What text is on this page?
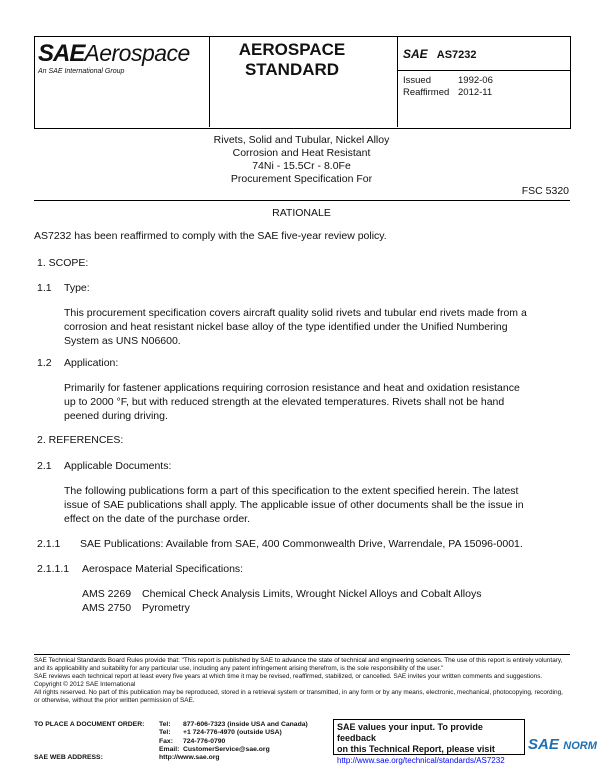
SAEAerospace
An SAE International Group
AEROSPACE
STANDARD
SAE AS7232
Issued	1992-06
Reaffirmed 2012-11
Rivets, Solid and Tubular, Nickel Alloy
Corrosion and Heat Resistant
74Ni - 15.5Cr - 8.0Fe
Procurement Specification For
FSC 5320
RATIONALE
AS7232 has been reaffirmed to comply with the SAE five-year review policy.
1. SCOPE:
1.1 Type:
This procurement specification covers aircraft quality solid rivets and tubular end rivets made from a
corrosion and heat resistant nickel base alloy of the type identified under the Unified Numbering
System as UNS N06600.
1.2 Application:
Primarily for fastener applications requiring corrosion resistance and heat and oxidation resistance
up to 2000 °F, but with reduced strength at the elevated temperatures. Rivets shall not be hand
peened during driving.
2. REFERENCES:
2.1 Applicable Documents:
The following publications form a part of this specification to the extent specified herein. The latest
issue of SAE publications shall apply. The applicable issue of other documents shall be the issue in
effect on the date of the purchase order.
2.1.1 SAE Publications: Available from SAE, 400 Commonwealth Drive, Warrendale, PA 15096-0001.
2.1.1.1 Aerospace Material Specifications:
AMS 2269 Chemical Check Analysis Limits, Wrought Nickel Alloys and Cobalt Alloys
AMS 2750 Pyrometry
SAE Technical Standards Board Rules provide that: "This report is published by SAE to advance the state of technical and engineering sciences. The use of this report is entirely voluntary, and its applicability and suitability for any particular use, including any patent infringement arising therefrom, is the sole responsibility of the user."
SAE reviews each technical report at least every five years at which time it may be revised, reaffirmed, stabilized, or cancelled. SAE invites your written comments and suggestions.
Copyright © 2012 SAE International
All rights reserved. No part of this publication may be reproduced, stored in a retrieval system or transmitted, in any form or by any means, electronic, mechanical, photocopying, recording, or otherwise, without the prior written permission of SAE.
TO PLACE A DOCUMENT ORDER: Tel: 877-606-7323 (inside USA and Canada)
Tel: +1 724-776-4970 (outside USA)
Fax: 724-776-0790
Email: CustomerService@sae.org
SAE WEB ADDRESS:	http://www.sae.org
SAE values your input. To provide feedback
on this Technical Report, please visit
http://www.sae.org/technical/standards/AS7232
SAE NORM
